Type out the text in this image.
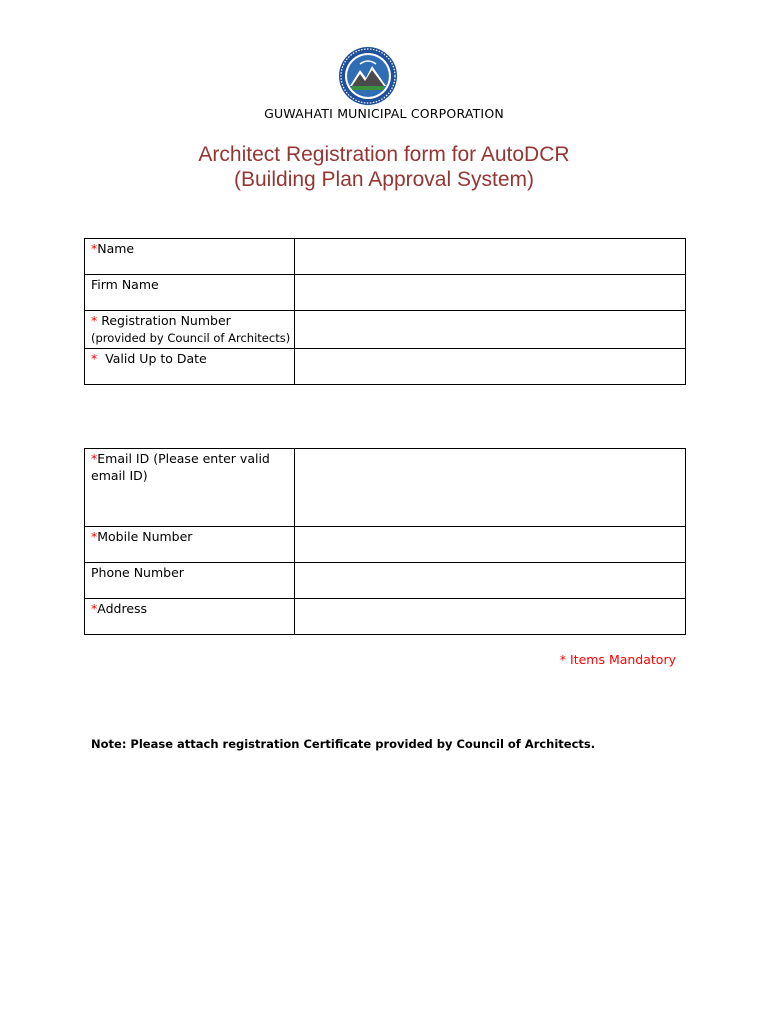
GUWAHATI MUNICIPAL CORPORATION
Architect Registration form for AutoDCR
(Building Plan Approval System)
*Name	
Firm Name	
* Registration Number
(provided by Council of Architects)	
*  Valid Up to Date	
*Email ID (Please enter valid email ID)	
*Mobile Number	
Phone Number	
*Address	
* Items Mandatory
Note: Please attach registration Certificate provided by Council of Architects.
